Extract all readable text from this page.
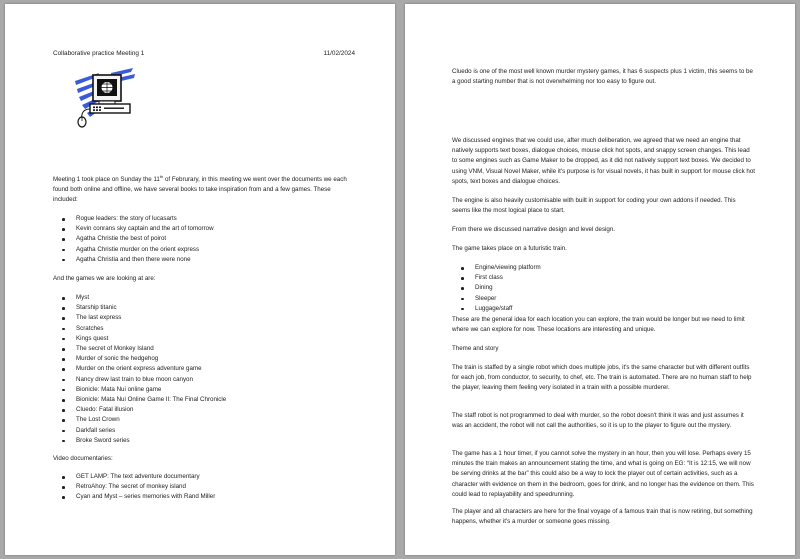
Collaborative practice Meeting 1	11/02/2024

Meeting 1 took place on Sunday the 11th of Februrary, in this meeting we went over the documents we each found both online and offline, we have several books to take inspiration from and a few games. These included:

Rogue leaders: the story of lucasarts
Kevin conrans sky captain and the art of tomorrow
Agatha Christie the best of poirot
Agatha Christie murder on the orient express
Agatha Christia and then there were none

And the games we are looking at are:

Myst
Starship titanic
The last express
Scratches
Kings quest
The secret of Monkey Island
Murder of sonic the hedgehog
Murder on the orient express adventure game
Nancy drew last train to blue moon canyon
Bionicle: Mata Nui online game
Bionicle: Mata Nui Online Game II: The Final Chronicle
Cluedo: Fatal illusion
The Lost Crown
Darkfall series
Broke Sword series

Video documentaries:

GET LAMP: The text adventure documentary
RetroAhoy: The secret of monkey island
Cyan and Myst – series memories with Rand Miller

Cluedo is one of the most well known murder mystery games, it has 6 suspects plus 1 victim, this seems to be a good starting number that is not overwhelming nor too easy to figure out.

We discussed engines that we could use, after much deliberation, we agreed that we need an engine that natively supports text boxes, dialogue choices, mouse click hot spots, and snappy screen changes. This lead to some engines such as Game Maker to be dropped, as it did not natively support text boxes. We decided to using VNM, Visual Novel Maker, while it's purpose is for visual novels, it has built in support for mouse click hot spots, text boxes and dialogue choices.

The engine is also heavily customisable with built in support for coding your own addons if needed. This seems like the most logical place to start.

From there we discussed narrative design and level design.

The game takes place on a futuristic train.

Engine/viewing platform
First class
Dining
Sleeper
Luggage/staff

These are the general idea for each location you can explore, the train would be longer but we need to limit where we can explore for now. These locations are interesting and unique.

Theme and story

The train is staffed by a single robot which does multiple jobs, it's the same character but with different outfits for each job, from conductor, to security, to chef, etc. The train is automated. There are no human staff to help the player, leaving them feeling very isolated in a train with a possible murderer.

The staff robot is not programmed to deal with murder, so the robot doesn't think it was and just assumes it was an accident, the robot will not call the authorities, so it is up to the player to figure out the mystery.

The game has a 1 hour timer, if you cannot solve the mystery in an hour, then you will lose. Perhaps every 15 minutes the train makes an announcement stating the time, and what is going on EG: “It is 12:15, we will now be serving drinks at the bar” this could also be a way to lock the player out of certain activities, such as a character with evidence on them in the bedroom, goes for drink, and no longer has the evidence on them. This could lead to replayability and speedrunning.

The player and all characters are here for the final voyage of a famous train that is now retiring, but something happens, whether it's a murder or someone goes missing.
